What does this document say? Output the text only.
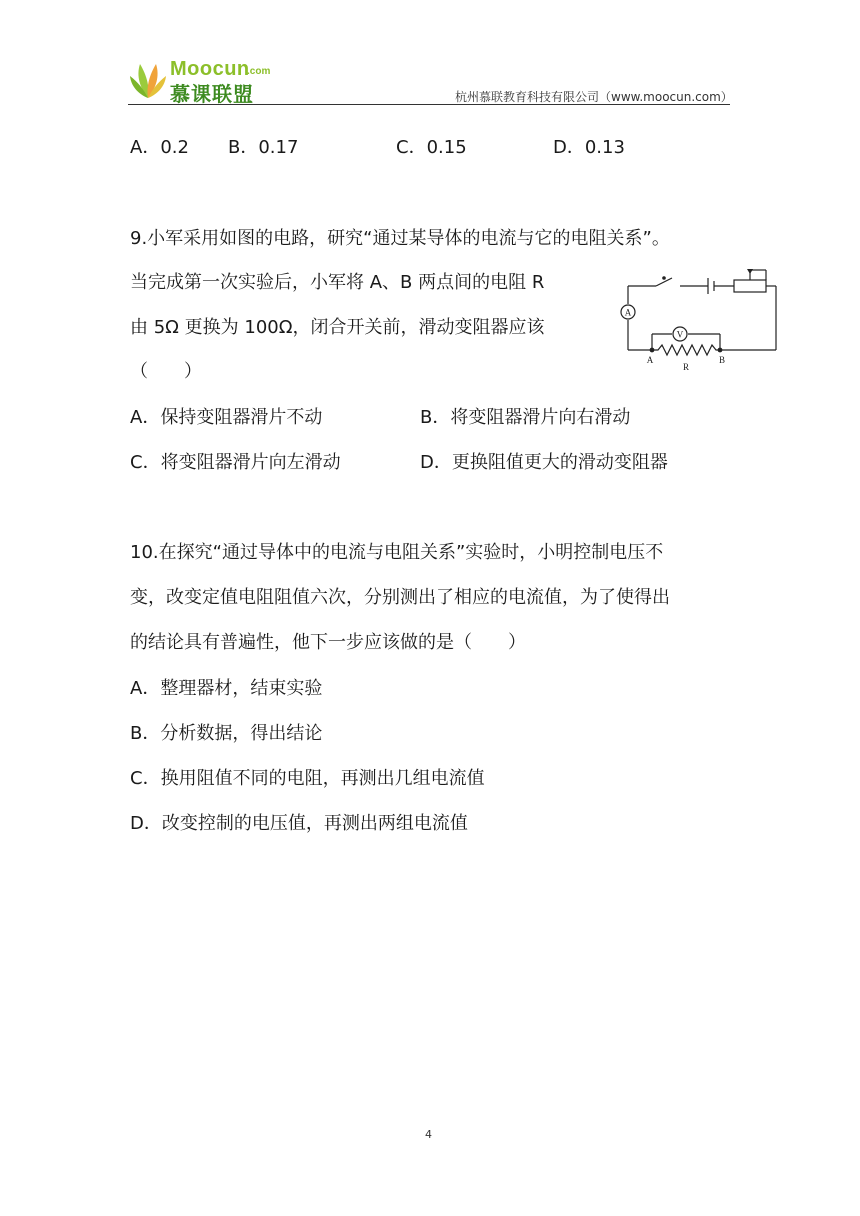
Moocun
.com
慕课联盟	杭州慕联教育科技有限公司（www.moocun.com）
A．0.2 B．0.17	C．0.15	D．0.13
9.小军采用如图的电路，研究“通过某导体的电流与它的电阻关系”。
当完成第一次实验后，小军将 A、B 两点间的电阻 R
由 5Ω 更换为 100Ω，闭合开关前，滑动变阻器应该
（　　）
A
V
A	B
R
A．保持变阻器滑片不动	B．将变阻器滑片向右滑动
C．将变阻器滑片向左滑动	D．更换阻值更大的滑动变阻器
10.在探究“通过导体中的电流与电阻关系”实验时，小明控制电压不
变，改变定值电阻阻值六次，分别测出了相应的电流值，为了使得出
的结论具有普遍性，他下一步应该做的是（　　）
A．整理器材，结束实验
B．分析数据，得出结论
C．换用阻值不同的电阻，再测出几组电流值
D．改变控制的电压值，再测出两组电流值
4
